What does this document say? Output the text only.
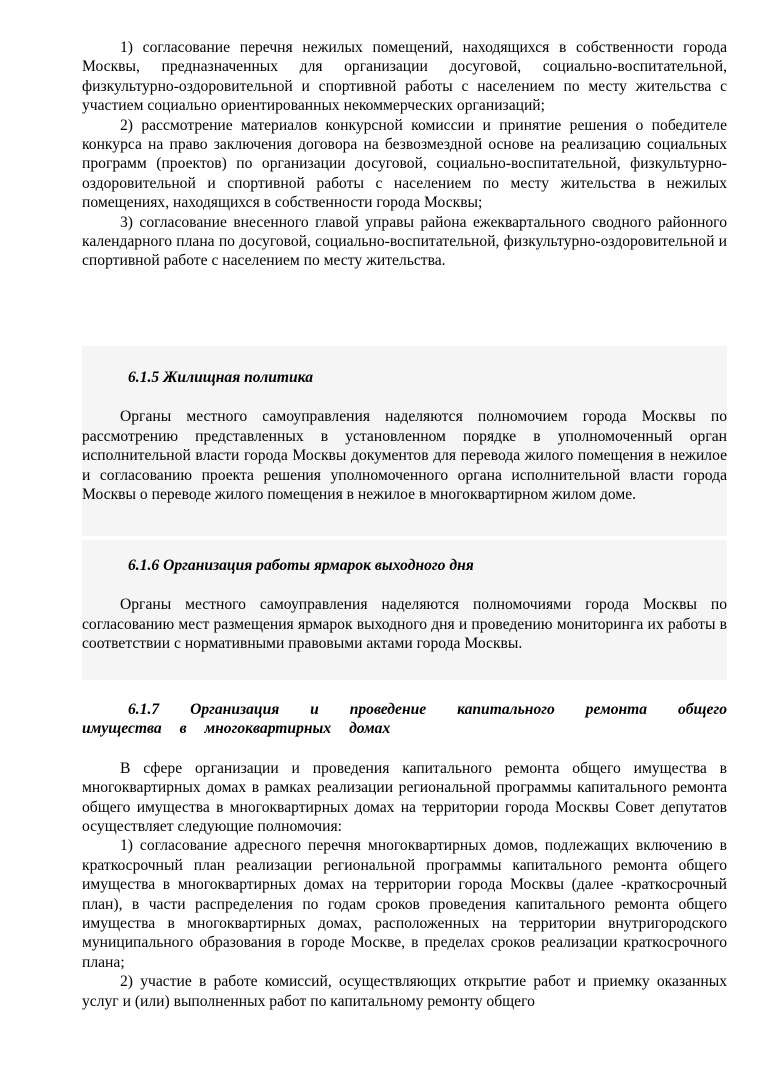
1) согласование перечня нежилых помещений, находящихся в собственности города Москвы, предназначенных для организации досуговой, социально-воспитательной, физкультурно-оздоровительной и спортивной работы с населением по месту жительства с участием социально ориентированных некоммерческих организаций;

2) рассмотрение материалов конкурсной комиссии и принятие решения о победителе конкурса на право заключения договора на безвозмездной основе на реализацию социальных программ (проектов) по организации досуговой, социально-воспитательной, физкультурно-оздоровительной и спортивной работы с населением по месту жительства в нежилых помещениях, находящихся в собственности города Москвы;

3) согласование внесенного главой управы района ежеквартального сводного районного календарного плана по досуговой, социально-воспитательной, физкультурно-оздоровительной и спортивной работе с населением по месту жительства.

6.1.5 Жилищная политика

Органы местного самоуправления наделяются полномочием города Москвы по рассмотрению представленных в установленном порядке в уполномоченный орган исполнительной власти города Москвы документов для перевода жилого помещения в нежилое и согласованию проекта решения уполномоченного органа исполнительной власти города Москвы о переводе жилого помещения в нежилое в многоквартирном жилом доме.

6.1.6 Организация работы ярмарок выходного дня

Органы местного самоуправления наделяются полномочиями города Москвы по согласованию мест размещения ярмарок выходного дня и проведению мониторинга их работы в соответствии с нормативными правовыми актами города Москвы.

6.1.7 Организация и проведение капитального ремонта общего имущества в многоквартирных домах

В сфере организации и проведения капитального ремонта общего имущества в многоквартирных домах в рамках реализации региональной программы капитального ремонта общего имущества в многоквартирных домах на территории города Москвы Совет депутатов осуществляет следующие полномочия:

1) согласование адресного перечня многоквартирных домов, подлежащих включению в краткосрочный план реализации региональной программы капитального ремонта общего имущества в многоквартирных домах на территории города Москвы (далее -краткосрочный план), в части распределения по годам сроков проведения капитального ремонта общего имущества в многоквартирных домах, расположенных на территории внутригородского муниципального образования в городе Москве, в пределах сроков реализации краткосрочного плана;

2) участие в работе комиссий, осуществляющих открытие работ и приемку оказанных услуг и (или) выполненных работ по капитальному ремонту общего
